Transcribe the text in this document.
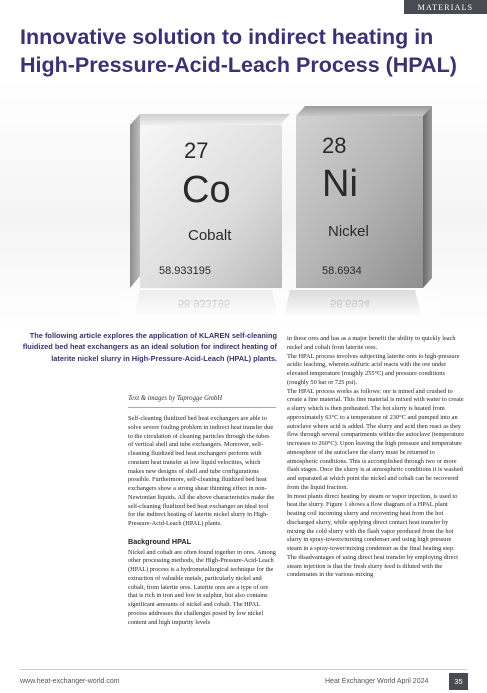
MATERIALS
Innovative solution to indirect heating in High-Pressure-Acid-Leach Process (HPAL)
28
Ni
Nickel
58.6934
27
Co
Cobalt
58.933195
The following article explores the application of KLAREN self-cleaning fluidized bed heat exchangers as an ideal solution for indirect heating of laterite nickel slurry in High-Pressure-Acid-Leach (HPAL) plants.
Text & images by Taprogge GmbH

Self-cleaning fluidized bed heat exchangers are able to solve severe fouling problem in indirect heat transfer due to the circulation of cleaning particles through the tubes of vertical shell and tube exchangers. Moreover, self-cleaning fluidized bed heat exchangers perform with constant heat transfer at low liquid velocities, which makes new designs of shell and tube configurations possible. Furthermore, self-cleaning fluidized bed heat exchangers show a strong shear thinning effect in non-Newtonian liquids. All the above characteristics make the self-cleaning fluidized bed heat exchanger an ideal tool for the indirect heating of laterite nickel slurry in High-Pressure-Acid-Leach (HPAL) plants.

Background HPAL

Nickel and cobalt are often found together in ores. Among other processing methods, the High-Pressure-Acid-Leach (HPAL) process is a hydrometallurgical technique for the extraction of valuable metals, particularly nickel and cobalt, from laterite ores. Laterite ores are a type of ore that is rich in iron and low in sulphur, but also contains significant amounts of nickel and cobalt. The HPAL process addresses the challenges posed by low nickel content and high impurity levels

in these ores and has as a major benefit the ability to quickly leach nickel and cobalt from laterite ores.

The HPAL process involves subjecting laterite ores to high-pressure acidic leaching, wherein sulfuric acid reacts with the ore under elevated temperature (roughly 255°C) and pressure conditions (roughly 50 bar or 725 psi).

The HPAL process works as follows: ore is mined and crushed to create a fine material. This fine material is mixed with water to create a slurry which is then preheated. The hot slurry is heated from approximately 63°C to a temperature of 230°C and pumped into an autoclave where acid is added. The slurry and acid then react as they flow through several compartments within the autoclave (temperature increases to 260°C). Upon leaving the high pressure and temperature atmosphere of the autoclave the slurry must be returned to atmospheric conditions. This is accomplished through two or more flash stages. Once the slurry is at atmospheric conditions it is washed and separated at which point the nickel and cobalt can be recovered from the liquid fraction.

In most plants direct heating by steam or vapor injection, is used to heat the slurry. Figure 1 shows a flow diagram of a HPAL plant heating coil incoming slurry and recovering heat from the hot discharged slurry, while applying direct contact heat transfer by mixing the cold slurry with the flash vapor produced from the hot slurry in spray-towers/mixing condenser and using high pressure steam in a spray-tower/mixing condenser as the final heating step.

The disadvantages of using direct heat transfer by employing direct steam injection is that the fresh slurry feed is diluted with the condensates in the various mixing

www.heat-exchanger-world.com	Heat Exchanger World April 2024	35
